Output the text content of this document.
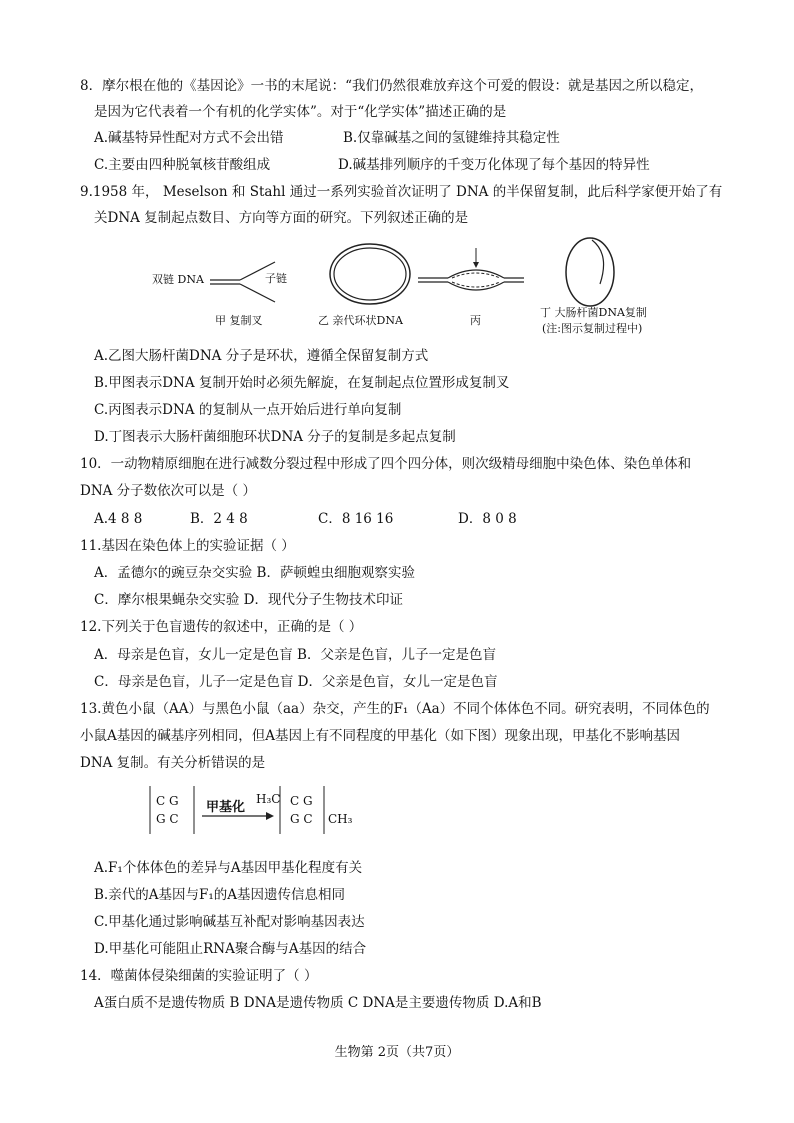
8．摩尔根在他的《基因论》一书的末尾说：“我们仍然很难放弃这个可爱的假设：就是基因之所以稳定，
是因为它代表着一个有机的化学实体”。对于“化学实体”描述正确的是
A.碱基特异性配对方式不会出错	B.仅靠碱基之间的氢键维持其稳定性
C.主要由四种脱氧核苷酸组成	D.碱基排列顺序的千变万化体现了每个基因的特异性
9.1958 年， Meselson 和 Stahl 通过一系列实验首次证明了 DNA 的半保留复制，此后科学家便开始了有
关DNA 复制起点数目、方向等方面的研究。下列叙述正确的是
双链 DNA	子链
甲 复制叉	乙 亲代环状DNA	丙
丁 大肠杆菌DNA复制
(注:图示复制过程中)
A.乙图大肠杆菌DNA 分子是环状，遵循全保留复制方式
B.甲图表示DNA 复制开始时必须先解旋，在复制起点位置形成复制叉
C.丙图表示DNA 的复制从一点开始后进行单向复制
D.丁图表示大肠杆菌细胞环状DNA 分子的复制是多起点复制
10．一动物精原细胞在进行减数分裂过程中形成了四个四分体，则次级精母细胞中染色体、染色单体和
DNA 分子数依次可以是（ ）
A.4 8 8	B．2 4 8	C．8 16 16	D．8 0 8
11.基因在染色体上的实验证据（ ）
A．孟德尔的豌豆杂交实验 B．萨顿蝗虫细胞观察实验
C．摩尔根果蝇杂交实验 D．现代分子生物技术印证
12.下列关于色盲遗传的叙述中，正确的是（ ）
A．母亲是色盲，女儿一定是色盲 B．父亲是色盲，儿子一定是色盲
C．母亲是色盲，儿子一定是色盲 D．父亲是色盲，女儿一定是色盲
13.黄色小鼠（AA）与黑色小鼠（aa）杂交，产生的F₁（Aa）不同个体体色不同。研究表明，不同体色的
小鼠A基因的碱基序列相同，但A基因上有不同程度的甲基化（如下图）现象出现，甲基化不影响基因
DNA 复制。有关分析错误的是
C G
G C
甲基化
H₃C C G
G C CH₃
A.F₁个体体色的差异与A基因甲基化程度有关
B.亲代的A基因与F₁的A基因遗传信息相同
C.甲基化通过影响碱基互补配对影响基因表达
D.甲基化可能阻止RNA聚合酶与A基因的结合
14．噬菌体侵染细菌的实验证明了（ ）
A蛋白质不是遗传物质 B DNA是遗传物质 C DNA是主要遗传物质 D.A和B
生物第 2页（共7页）
